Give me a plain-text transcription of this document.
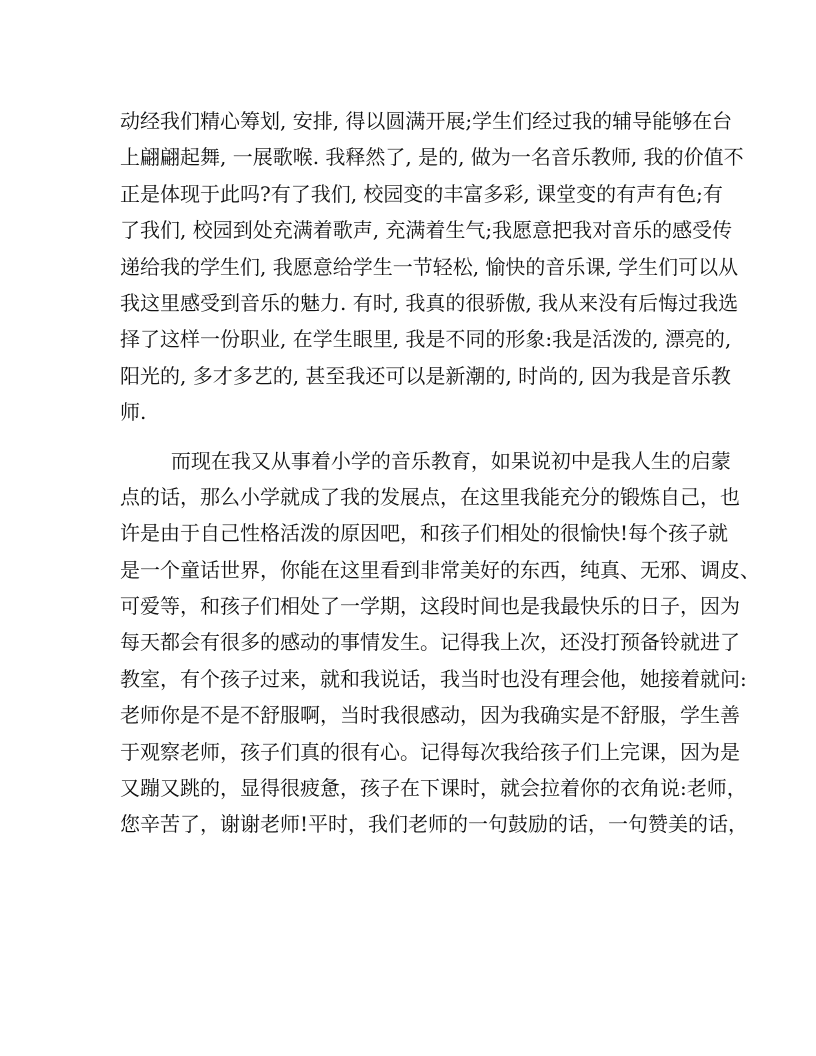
动经我们精心筹划, 安排, 得以圆满开展;学生们经过我的辅导能够在台
上翩翩起舞, 一展歌喉. 我释然了, 是的, 做为一名音乐教师, 我的价值不
正是体现于此吗?有了我们, 校园变的丰富多彩, 课堂变的有声有色;有
了我们, 校园到处充满着歌声, 充满着生气;我愿意把我对音乐的感受传
递给我的学生们, 我愿意给学生一节轻松, 愉快的音乐课, 学生们可以从
我这里感受到音乐的魅力. 有时, 我真的很骄傲, 我从来没有后悔过我选
择了这样一份职业, 在学生眼里, 我是不同的形象:我是活泼的, 漂亮的,
阳光的, 多才多艺的, 甚至我还可以是新潮的, 时尚的, 因为我是音乐教
师.
而现在我又从事着小学的音乐教育，如果说初中是我人生的启蒙
点的话，那么小学就成了我的发展点，在这里我能充分的锻炼自己，也
许是由于自己性格活泼的原因吧，和孩子们相处的很愉快!每个孩子就
是一个童话世界，你能在这里看到非常美好的东西，纯真、无邪、调皮、
可爱等，和孩子们相处了一学期，这段时间也是我最快乐的日子，因为
每天都会有很多的感动的事情发生。记得我上次，还没打预备铃就进了
教室，有个孩子过来，就和我说话，我当时也没有理会他，她接着就问:
老师你是不是不舒服啊，当时我很感动，因为我确实是不舒服，学生善
于观察老师，孩子们真的很有心。记得每次我给孩子们上完课，因为是
又蹦又跳的，显得很疲惫，孩子在下课时，就会拉着你的衣角说:老师，
您辛苦了，谢谢老师!平时，我们老师的一句鼓励的话，一句赞美的话，
